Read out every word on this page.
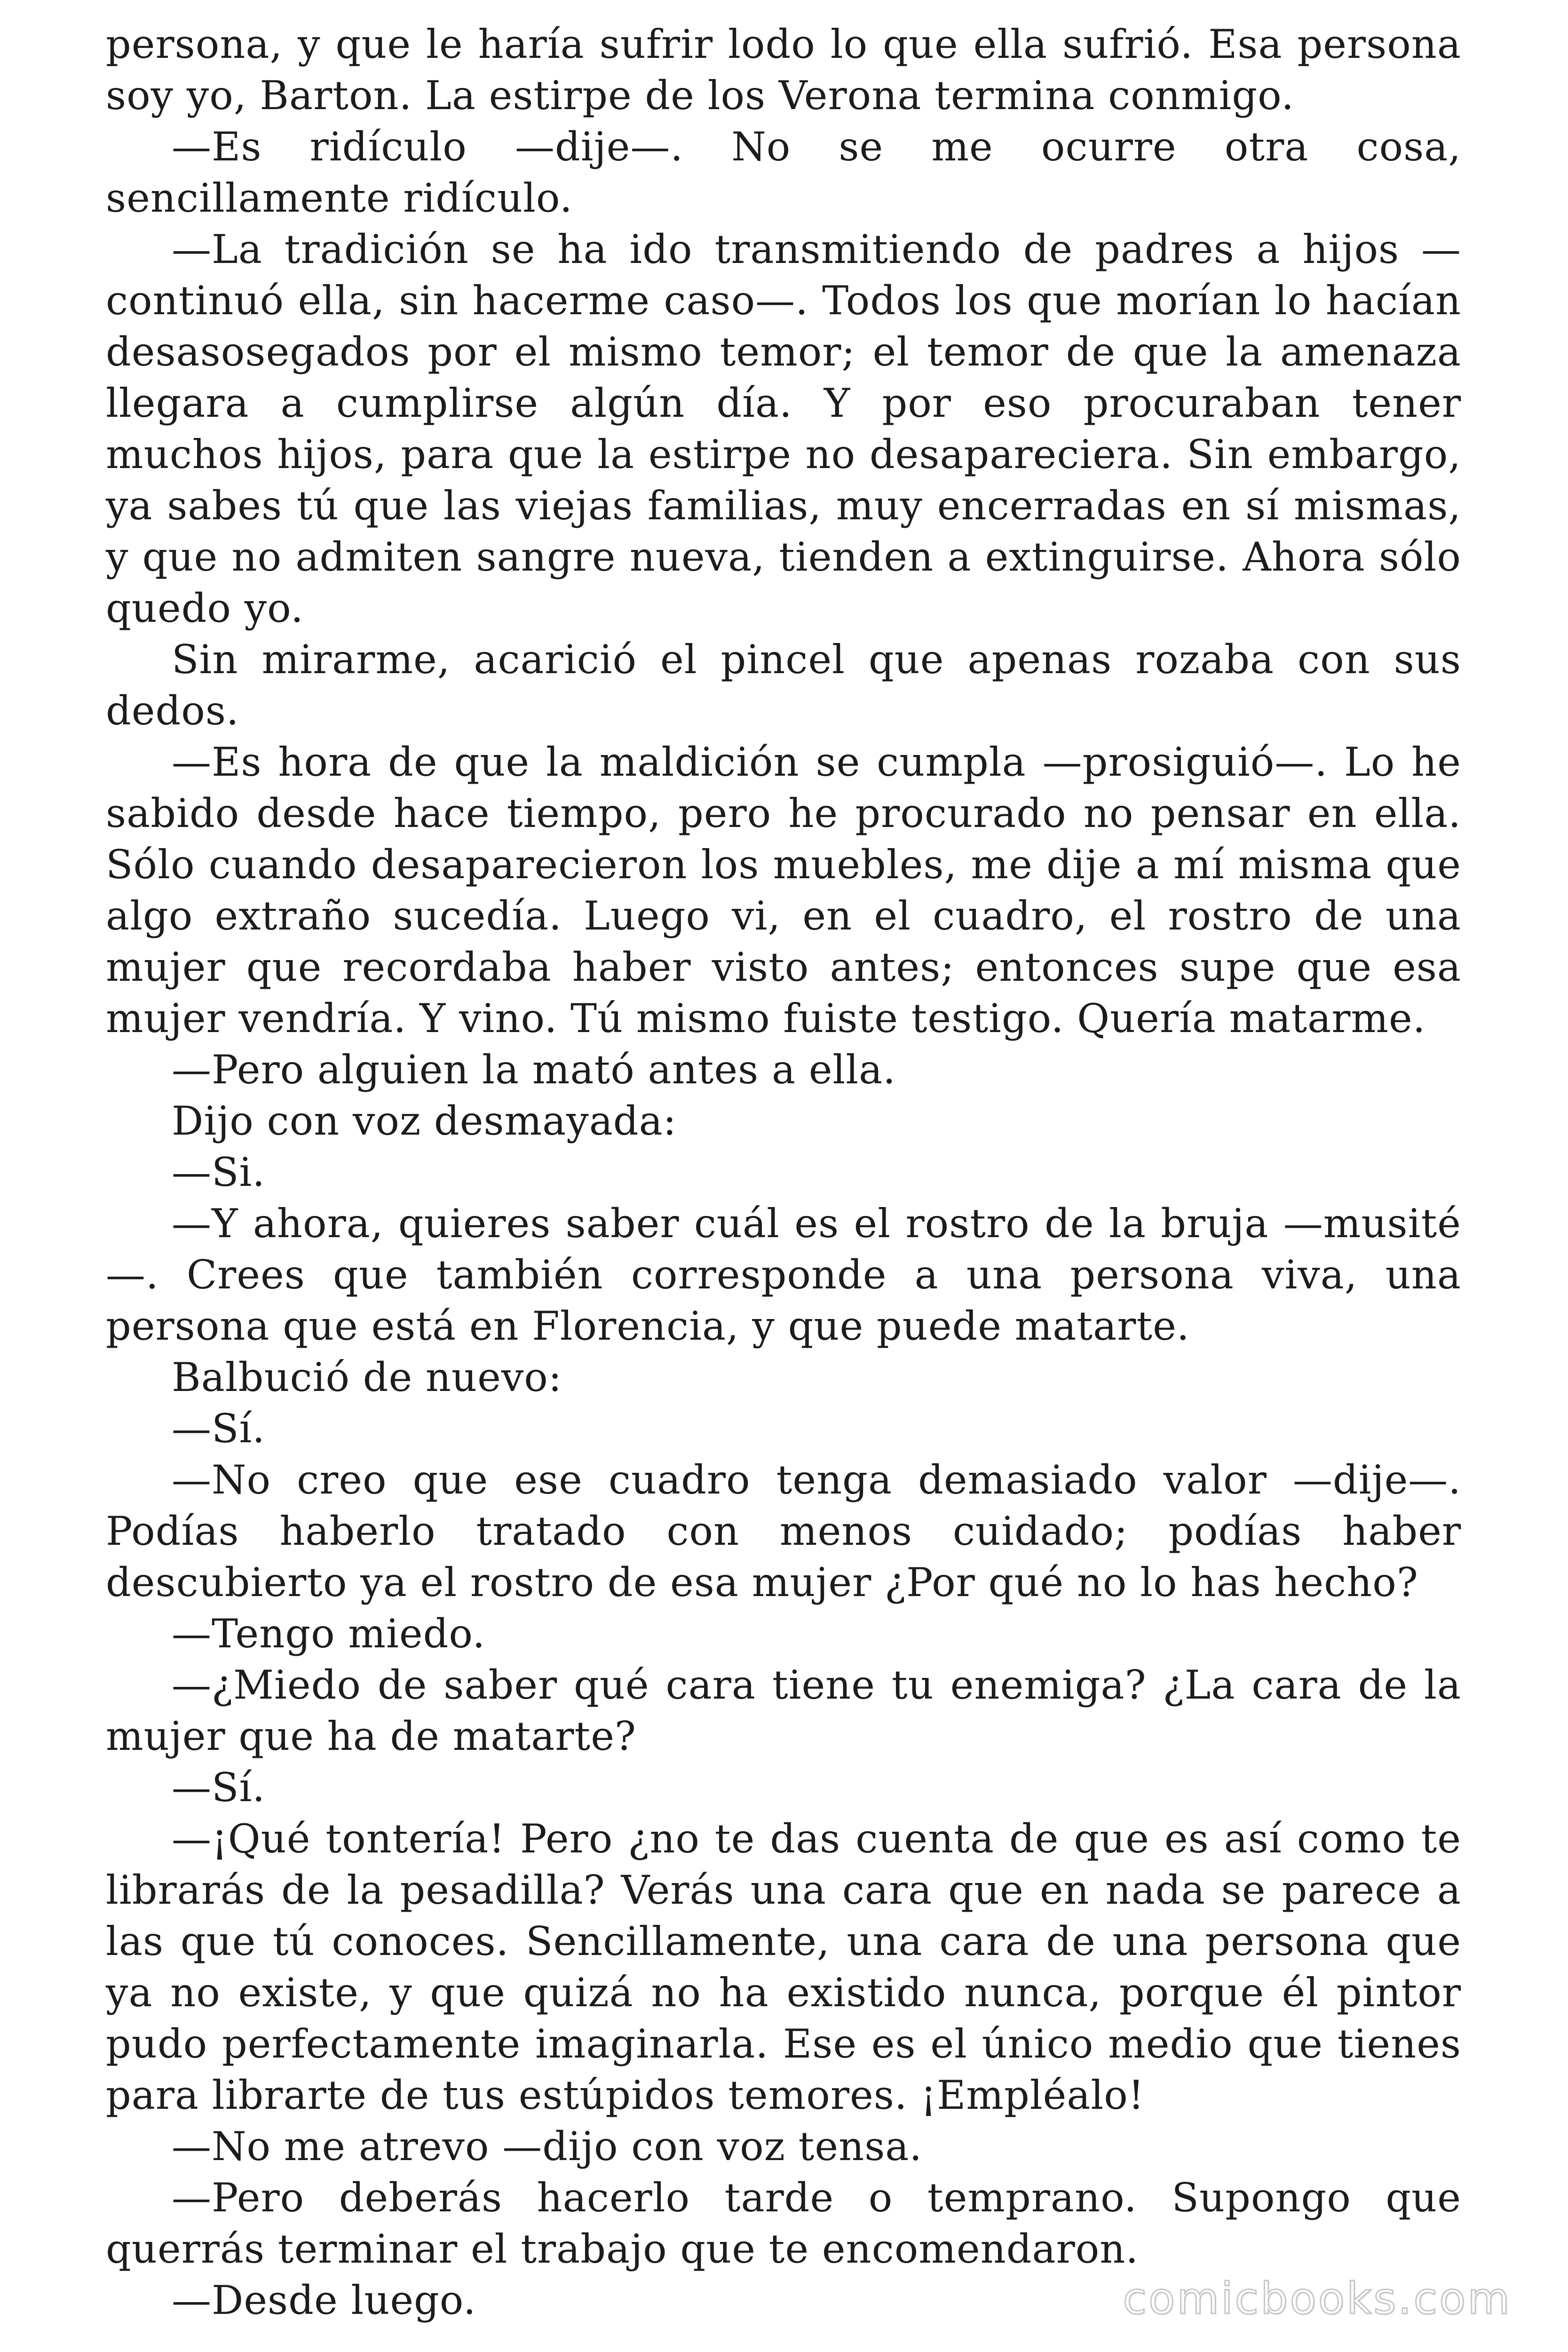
persona, y que le haría sufrir lodo lo que ella sufrió. Esa persona soy yo, Barton. La estirpe de los Verona termina conmigo.

—Es ridículo —dije—. No se me ocurre otra cosa, sencillamente ridículo.

—La tradición se ha ido transmitiendo de padres a hijos —continuó ella, sin hacerme caso—. Todos los que morían lo hacían desasosegados por el mismo temor; el temor de que la amenaza llegara a cumplirse algún día. Y por eso procuraban tener muchos hijos, para que la estirpe no desapareciera. Sin embargo, ya sabes tú que las viejas familias, muy encerradas en sí mismas, y que no admiten sangre nueva, tienden a extinguirse. Ahora sólo quedo yo.

Sin mirarme, acarició el pincel que apenas rozaba con sus dedos.

—Es hora de que la maldición se cumpla —prosiguió—. Lo he sabido desde hace tiempo, pero he procurado no pensar en ella. Sólo cuando desaparecieron los muebles, me dije a mí misma que algo extraño sucedía. Luego vi, en el cuadro, el rostro de una mujer que recordaba haber visto antes; entonces supe que esa mujer vendría. Y vino. Tú mismo fuiste testigo. Quería matarme.

—Pero alguien la mató antes a ella.

Dijo con voz desmayada:

—Si.

—Y ahora, quieres saber cuál es el rostro de la bruja —musité—. Crees que también corresponde a una persona viva, una persona que está en Florencia, y que puede matarte.

Balbució de nuevo:

—Sí.

—No creo que ese cuadro tenga demasiado valor —dije—. Podías haberlo tratado con menos cuidado; podías haber descubierto ya el rostro de esa mujer ¿Por qué no lo has hecho?

—Tengo miedo.

—¿Miedo de saber qué cara tiene tu enemiga? ¿La cara de la mujer que ha de matarte?

—Sí.

—¡Qué tontería! Pero ¿no te das cuenta de que es así como te librarás de la pesadilla? Verás una cara que en nada se parece a las que tú conoces. Sencillamente, una cara de una persona que ya no existe, y que quizá no ha existido nunca, porque él pintor pudo perfectamente imaginarla. Ese es el único medio que tienes para librarte de tus estúpidos temores. ¡Empléalo!

—No me atrevo —dijo con voz tensa.

—Pero deberás hacerlo tarde o temprano. Supongo que querrás terminar el trabajo que te encomendaron.

—Desde luego.	comicbooks.com
